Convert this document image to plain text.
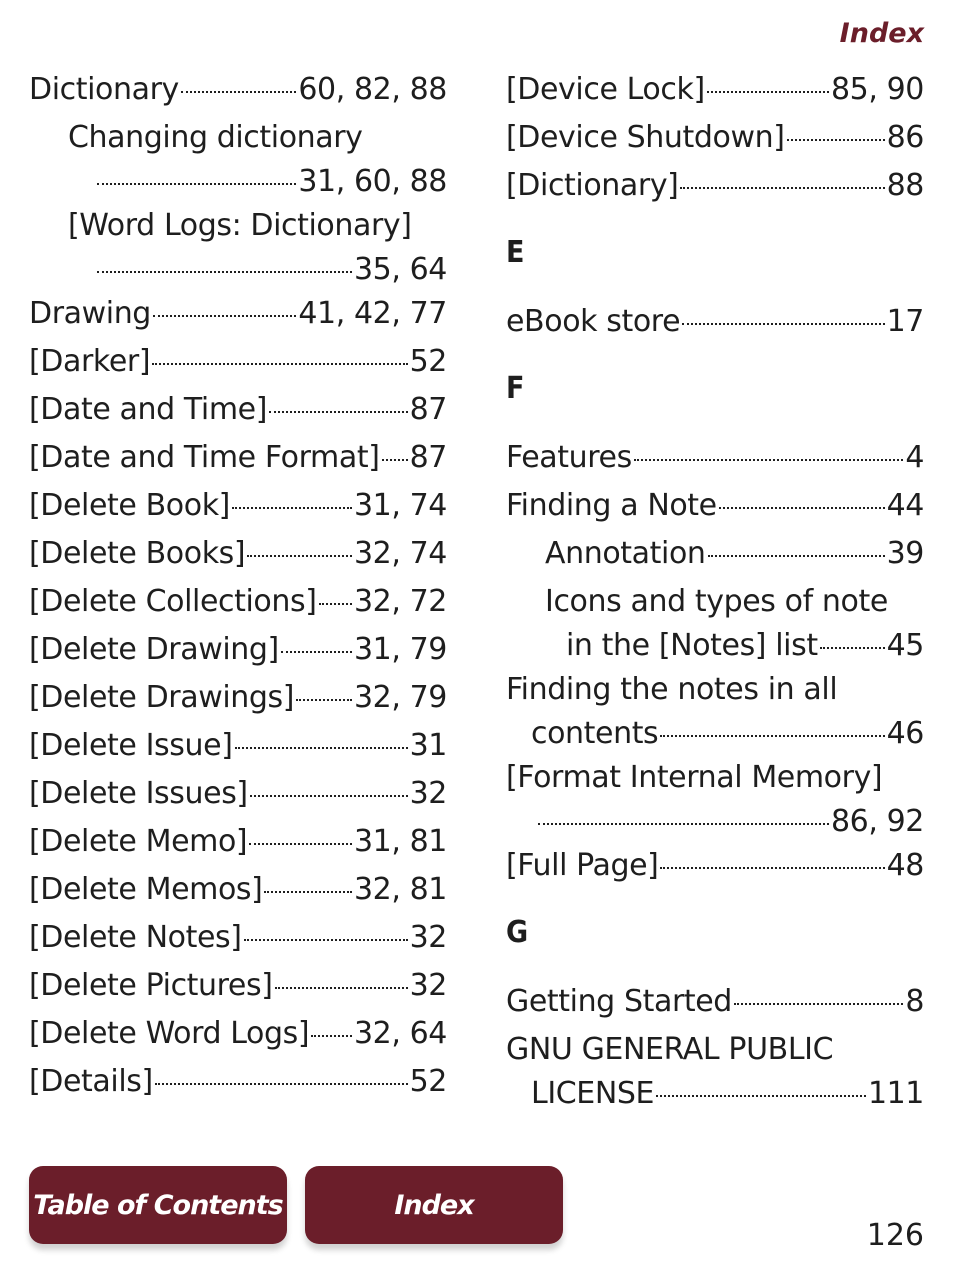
Index
Dictionary	60, 82, 88
Changing dictionary
31, 60, 88
[Word Logs: Dictionary]
35, 64
Drawing	41, 42, 77
[Darker]	52
[Date and Time]	87
[Date and Time Format] 87
[Delete Book]	31, 74
[Delete Books]	32, 74
[Delete Collections] 32, 72
[Delete Drawing]	31, 79
[Delete Drawings] 32, 79
[Delete Issue]	31
[Delete Issues]	32
[Delete Memo]	31, 81
[Delete Memos]	32, 81
[Delete Notes]	32
[Delete Pictures]	32
[Delete Word Logs] 32, 64
[Details]	52
[Device Lock]	85, 90
[Device Shutdown]	86
[Dictionary]	88
E
eBook store	17
F
Features	4
Finding a Note	44
Annotation	39
Icons and types of note
in the [Notes] list 45
Finding the notes in all
contents	46
[Format Internal Memory]
86, 92
[Full Page]	48
G
Getting Started	8
GNU GENERAL PUBLIC
LICENSE	111
Table of Contents	Index
126
